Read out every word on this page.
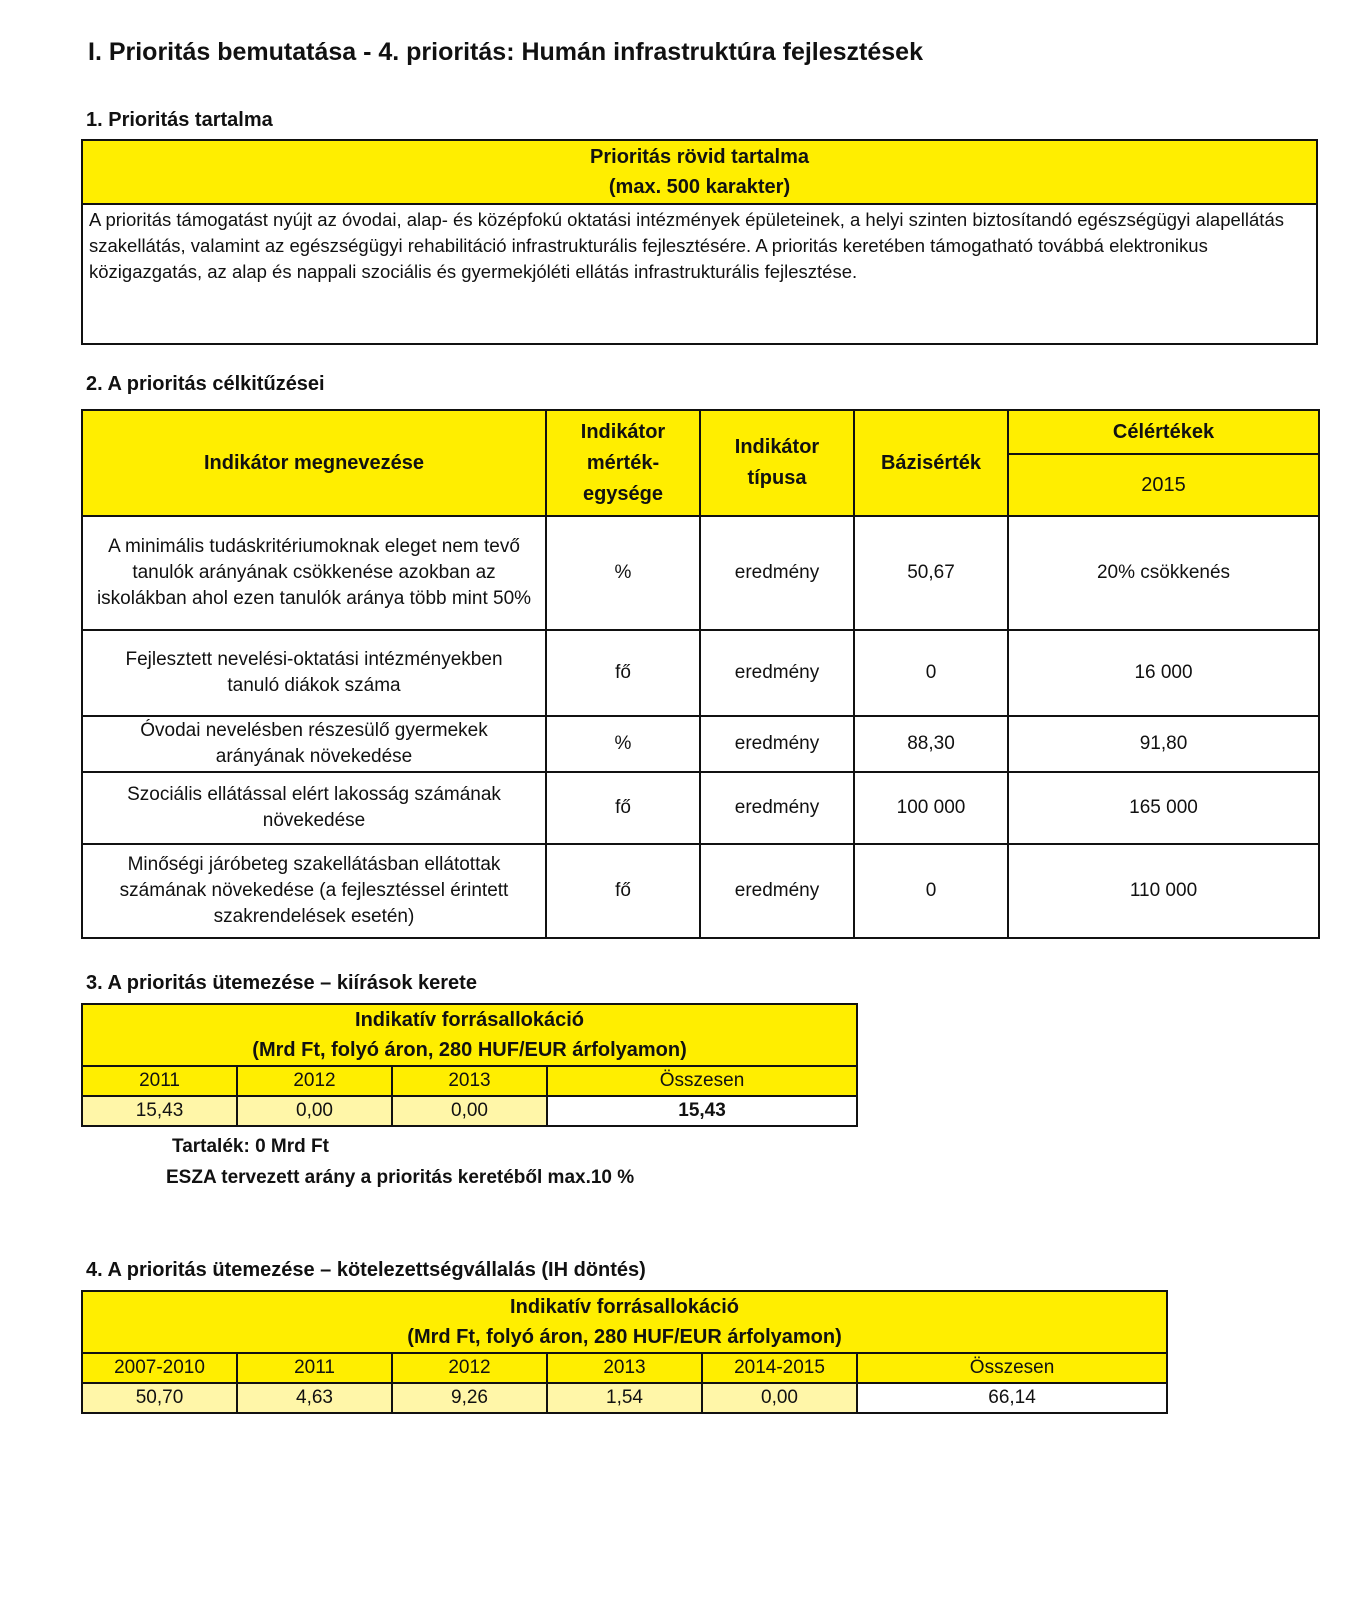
I. Prioritás bemutatása - 4. prioritás: Humán infrastruktúra fejlesztések
1. Prioritás tartalma
Prioritás rövid tartalma
(max. 500 karakter)

A prioritás támogatást nyújt az óvodai, alap- és középfokú oktatási intézmények épületeinek, a helyi szinten biztosítandó egészségügyi alapellátás szakellátás, valamint az egészségügyi rehabilitáció infrastrukturális fejlesztésére. A prioritás keretében támogatható továbbá elektronikus közigazgatás, az alap és nappali szociális és gyermekjóléti ellátás infrastrukturális fejlesztése.
2. A prioritás célkitűzései
Indikátor megnevezése	Indikátor mérték-egysége	Indikátor típusa	Bázisérték	Célértékek
				2015
A minimális tudáskritériumoknak eleget nem tevő tanulók arányának csökkenése azokban az iskolákban ahol ezen tanulók aránya több mint 50%	%	eredmény	50,67	20% csökkenés
Fejlesztett nevelési-oktatási intézményekben tanuló diákok száma	fő	eredmény	0	16 000
Óvodai nevelésben részesülő gyermekek arányának növekedése	%	eredmény	88,30	91,80
Szociális ellátással elért lakosság számának növekedése	fő	eredmény	100 000	165 000
Minőségi járóbeteg szakellátásban ellátottak számának növekedése (a fejlesztéssel érintett szakrendelések esetén)	fő	eredmény	0	110 000
3. A prioritás ütemezése – kiírások kerete
Indikatív forrásallokáció
(Mrd Ft, folyó áron, 280 HUF/EUR árfolyamon)			

2011	2012	2013	Összesen
15,43	0,00	0,00	15,43
Tartalék: 0 Mrd Ft
ESZA tervezett arány a prioritás keretéből max.10 %
4. A prioritás ütemezése – kötelezettségvállalás (IH döntés)
Indikatív forrásallokáció
(Mrd Ft, folyó áron, 280 HUF/EUR árfolyamon)					

2007-2010	2011	2012	2013	2014-2015	Összesen
50,70	4,63	9,26	1,54	0,00	66,14
